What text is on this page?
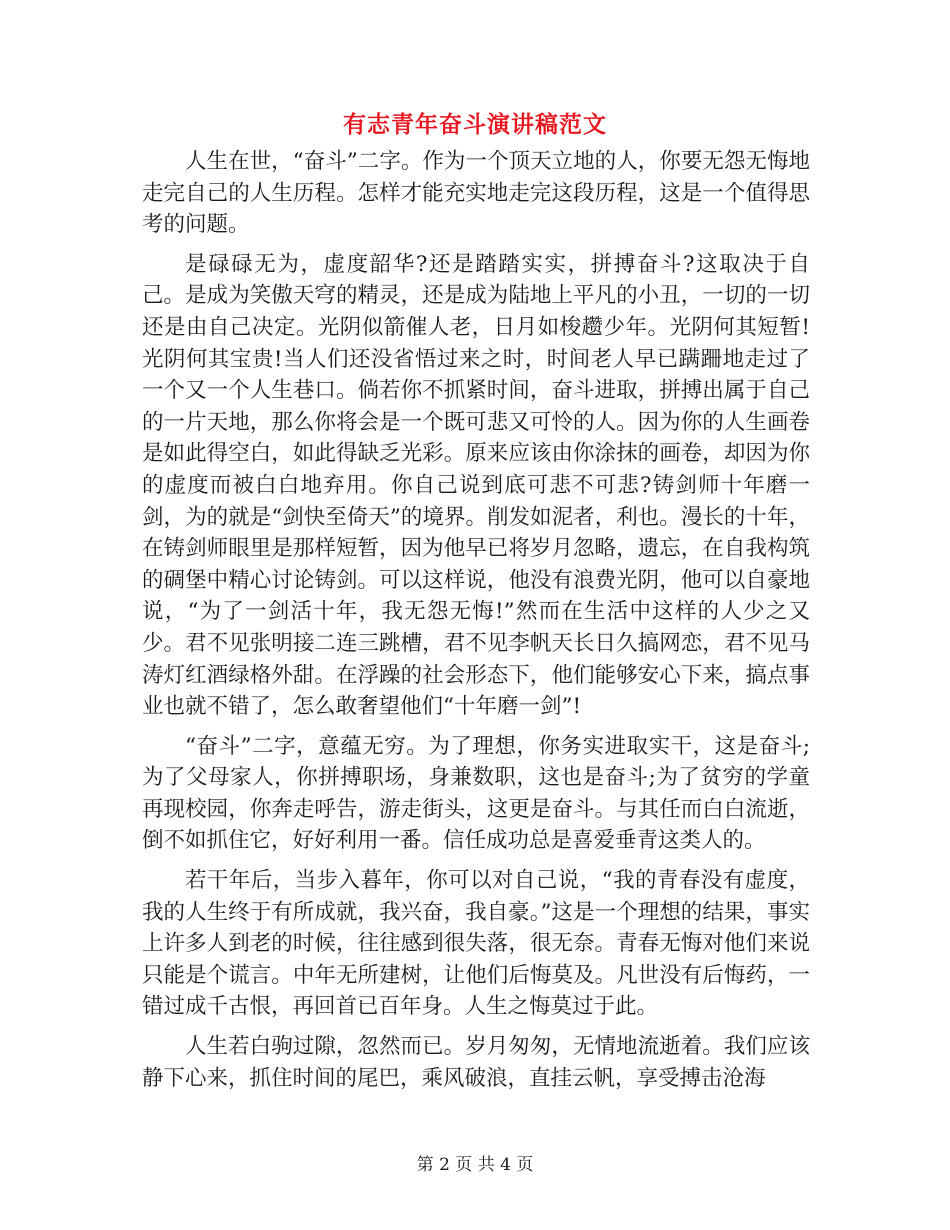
有志青年奋斗演讲稿范文

人生在世，“奋斗”二字。作为一个顶天立地的人，你要无怨无悔地走完自己的人生历程。怎样才能充实地走完这段历程，这是一个值得思考的问题。

是碌碌无为，虚度韶华?还是踏踏实实，拼搏奋斗?这取决于自己。是成为笑傲天穹的精灵，还是成为陆地上平凡的小丑，一切的一切还是由自己决定。光阴似箭催人老，日月如梭趱少年。光阴何其短暂!光阴何其宝贵!当人们还没省悟过来之时，时间老人早已蹒跚地走过了一个又一个人生巷口。倘若你不抓紧时间，奋斗进取，拼搏出属于自己的一片天地，那么你将会是一个既可悲又可怜的人。因为你的人生画卷是如此得空白，如此得缺乏光彩。原来应该由你涂抹的画卷，却因为你的虚度而被白白地弃用。你自己说到底可悲不可悲?铸剑师十年磨一剑，为的就是“剑快至倚天”的境界。削发如泥者，利也。漫长的十年，在铸剑师眼里是那样短暂，因为他早已将岁月忽略，遗忘，在自我构筑的碉堡中精心讨论铸剑。可以这样说，他没有浪费光阴，他可以自豪地说，“为了一剑活十年，我无怨无悔!”然而在生活中这样的人少之又少。君不见张明接二连三跳槽，君不见李帆天长日久搞网恋，君不见马涛灯红酒绿格外甜。在浮躁的社会形态下，他们能够安心下来，搞点事业也就不错了，怎么敢奢望他们“十年磨一剑”!

“奋斗”二字，意蕴无穷。为了理想，你务实进取实干，这是奋斗;为了父母家人，你拼搏职场，身兼数职，这也是奋斗;为了贫穷的学童再现校园，你奔走呼告，游走街头，这更是奋斗。与其任而白白流逝，倒不如抓住它，好好利用一番。信任成功总是喜爱垂青这类人的。

若干年后，当步入暮年，你可以对自己说，“我的青春没有虚度，我的人生终于有所成就，我兴奋，我自豪。”这是一个理想的结果，事实上许多人到老的时候，往往感到很失落，很无奈。青春无悔对他们来说只能是个谎言。中年无所建树，让他们后悔莫及。凡世没有后悔药，一错过成千古恨，再回首已百年身。人生之悔莫过于此。

人生若白驹过隙，忽然而已。岁月匆匆，无情地流逝着。我们应该静下心来，抓住时间的尾巴，乘风破浪，直挂云帆，享受搏击沧海

第 2 页 共 4 页
